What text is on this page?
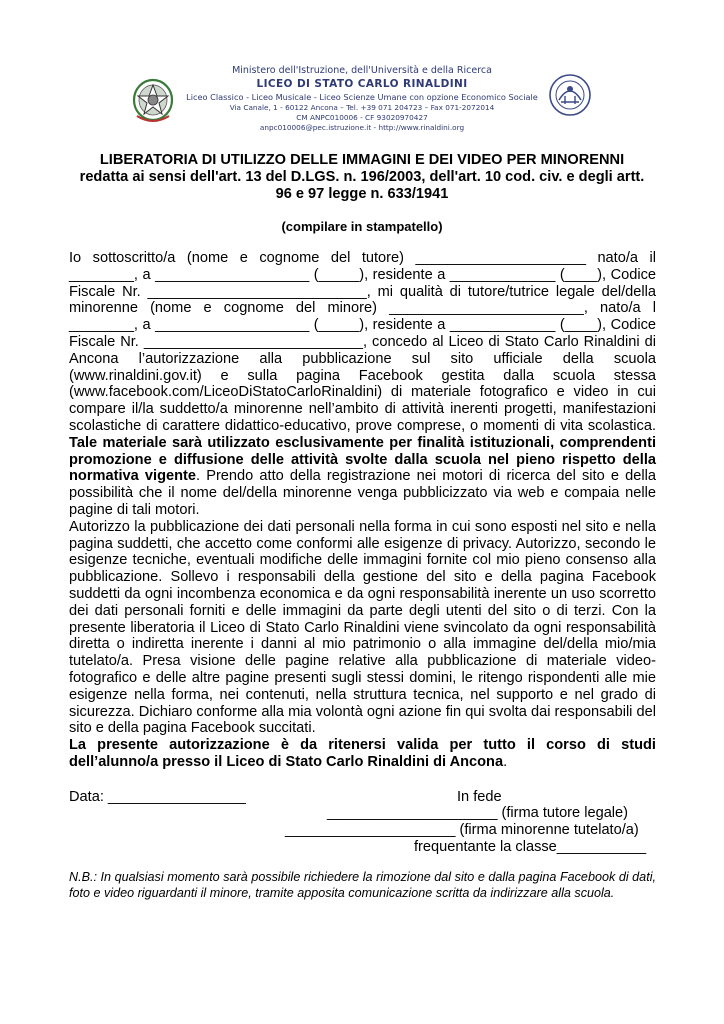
Ministero dell'Istruzione, dell'Università e della Ricerca
LICEO DI STATO CARLO RINALDINI
Liceo Classico - Liceo Musicale - Liceo Scienze Umane con opzione Economico Sociale
Via Canale, 1 - 60122 Ancona – Tel. +39 071 204723 – Fax 071-2072014
CM ANPC010006 - CF 93020970427
anpc010006@pec.istruzione.it - http://www.rinaldini.org
LIBERATORIA DI UTILIZZO DELLE IMMAGINI E DEI VIDEO PER MINORENNI
redatta ai sensi dell'art. 13 del D.LGS. n. 196/2003, dell'art. 10 cod. civ. e degli artt.
96 e 97 legge n. 633/1941
(compilare in stampatello)

Io sottoscritto/a (nome e cognome del tutore) _____________________ nato/a il ________, a ___________________ (_____), residente a _____________ (____), Codice Fiscale Nr. ___________________________, mi qualità di tutore/tutrice legale del/della minorenne (nome e cognome del minore) ________________________, nato/a l ________, a ___________________ (_____), residente a _____________ (____), Codice Fiscale Nr. ___________________________, concedo al Liceo di Stato Carlo Rinaldini di Ancona l’autorizzazione alla pubblicazione sul sito ufficiale della scuola (www.rinaldini.gov.it) e sulla pagina Facebook gestita dalla scuola stessa (www.facebook.com/LiceoDiStatoCarloRinaldini) di materiale fotografico e video in cui compare il/la suddetto/a minorenne nell’ambito di attività inerenti progetti, manifestazioni scolastiche di carattere didattico-educativo, prove comprese, o momenti di vita scolastica. Tale materiale sarà utilizzato esclusivamente per finalità istituzionali, comprendenti promozione e diffusione delle attività svolte dalla scuola nel pieno rispetto della normativa vigente. Prendo atto della registrazione nei motori di ricerca del sito e della possibilità che il nome del/della minorenne venga pubblicizzato via web e compaia nelle pagine di tali motori.

Autorizzo la pubblicazione dei dati personali nella forma in cui sono esposti nel sito e nella pagina suddetti, che accetto come conformi alle esigenze di privacy. Autorizzo, secondo le esigenze tecniche, eventuali modifiche delle immagini fornite col mio pieno consenso alla pubblicazione. Sollevo i responsabili della gestione del sito e della pagina Facebook suddetti da ogni incombenza economica e da ogni responsabilità inerente un uso scorretto dei dati personali forniti e delle immagini da parte degli utenti del sito o di terzi. Con la presente liberatoria il Liceo di Stato Carlo Rinaldini viene svincolato da ogni responsabilità diretta o indiretta inerente i danni al mio patrimonio o alla immagine del/della mio/mia tutelato/a. Presa visione delle pagine relative alla pubblicazione di materiale video-fotografico e delle altre pagine presenti sugli stessi domini, le ritengo rispondenti alle mie esigenze nella forma, nei contenuti, nella struttura tecnica, nel supporto e nel grado di sicurezza. Dichiaro conforme alla mia volontà ogni azione fin qui svolta dai responsabili del sito e della pagina Facebook succitati.

La presente autorizzazione è da ritenersi valida per tutto il corso di studi dell’alunno/a presso il Liceo di Stato Carlo Rinaldini di Ancona.

Data: _________________	In fede
_____________________ (firma tutore legale)
_____________________ (firma minorenne tutelato/a)
frequentante la classe___________
N.B.: In qualsiasi momento sarà possibile richiedere la rimozione dal sito e dalla pagina Facebook di dati, foto e video riguardanti il minore, tramite apposita comunicazione scritta da indirizzare alla scuola.
